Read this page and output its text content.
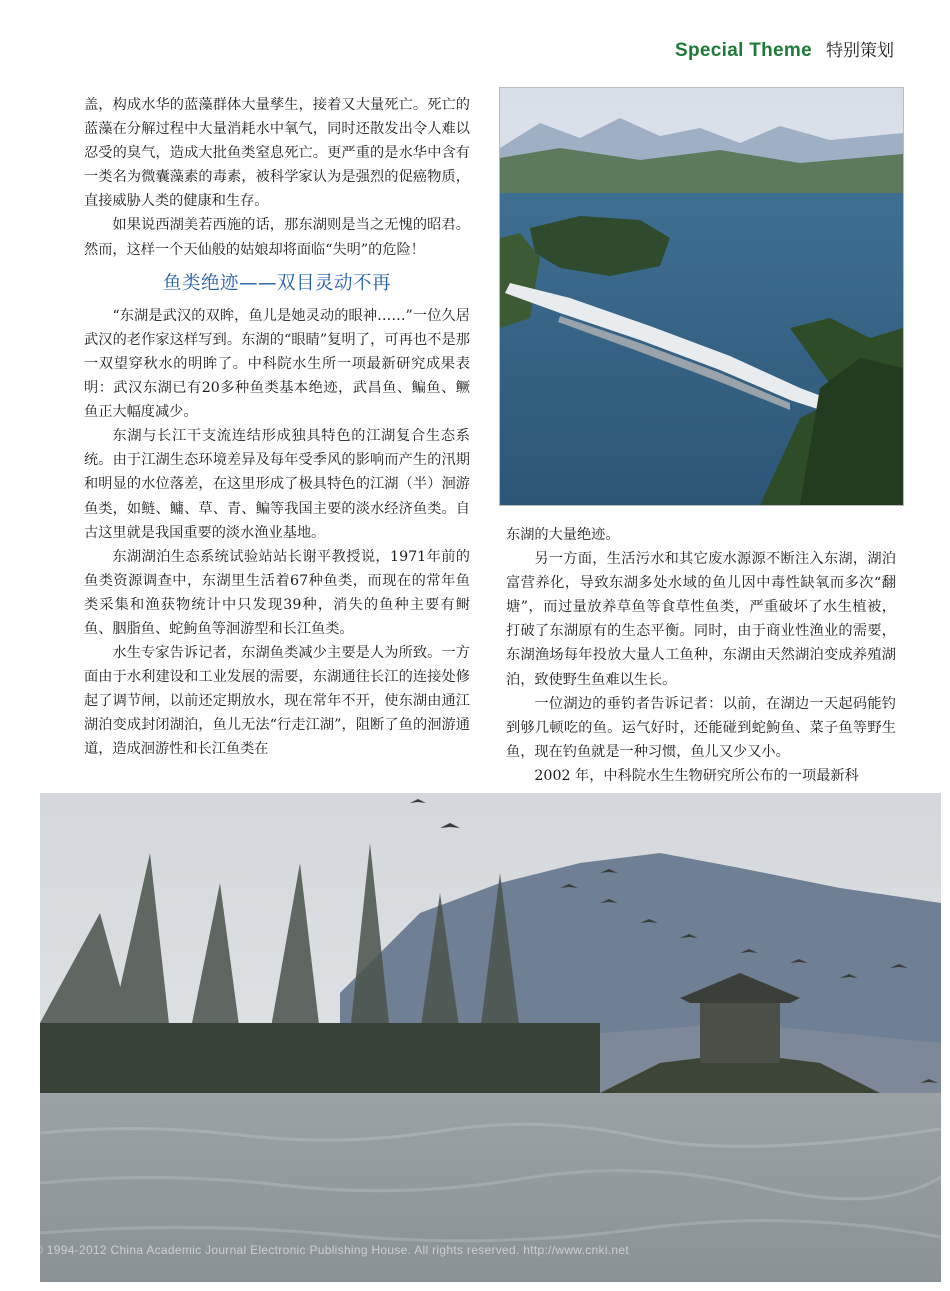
Special Theme 特别策划

盖，构成水华的蓝藻群体大量孳生，接着又大量死亡。死亡的蓝藻在分解过程中大量消耗水中氧气，同时还散发出令人难以忍受的臭气，造成大批鱼类窒息死亡。更严重的是水华中含有一类名为微囊藻素的毒素，被科学家认为是强烈的促癌物质，直接威胁人类的健康和生存。

如果说西湖美若西施的话，那东湖则是当之无愧的昭君。然而，这样一个天仙般的姑娘却将面临“失明”的危险！

鱼类绝迹——双目灵动不再

“东湖是武汉的双眸，鱼儿是她灵动的眼神……”一位久居武汉的老作家这样写到。东湖的“眼睛”复明了，可再也不是那一双望穿秋水的明眸了。中科院水生所一项最新研究成果表明：武汉东湖已有20多种鱼类基本绝迹，武昌鱼、鳊鱼、鳜鱼正大幅度减少。

东湖与长江干支流连结形成独具特色的江湖复合生态系统。由于江湖生态环境差异及每年受季风的影响而产生的汛期和明显的水位落差，在这里形成了极具特色的江湖（半）洄游鱼类，如鲢、鳙、草、青、鳊等我国主要的淡水经济鱼类。自古这里就是我国重要的淡水渔业基地。

东湖湖泊生态系统试验站站长谢平教授说，1971年前的鱼类资源调查中，东湖里生活着67种鱼类，而现在的常年鱼类采集和渔获物统计中只发现39种，消失的鱼种主要有鲥鱼、胭脂鱼、蛇鮈鱼等洄游型和长江鱼类。

水生专家告诉记者，东湖鱼类减少主要是人为所致。一方面由于水利建设和工业发展的需要，东湖通往长江的连接处修起了调节闸，以前还定期放水，现在常年不开，使东湖由通江湖泊变成封闭湖泊，鱼儿无法“行走江湖”，阻断了鱼的洄游通道，造成洄游性和长江鱼类在

东湖的大量绝迹。

另一方面，生活污水和其它废水源源不断注入东湖，湖泊富营养化，导致东湖多处水域的鱼儿因中毒性缺氧而多次“翻塘”，而过量放养草鱼等食草性鱼类，严重破坏了水生植被，打破了东湖原有的生态平衡。同时，由于商业性渔业的需要，东湖渔场每年投放大量人工鱼种，东湖由天然湖泊变成养殖湖泊，致使野生鱼难以生长。

一位湖边的垂钓者告诉记者：以前，在湖边一天起码能钓到够几顿吃的鱼。运气好时，还能碰到蛇鮈鱼、菜子鱼等野生鱼，现在钓鱼就是一种习惯，鱼儿又少又小。

2002 年，中科院水生生物研究所公布的一项最新科

© 1994-2012 China Academic Journal Electronic Publishing House. All rights reserved. http://www.cnki.net
